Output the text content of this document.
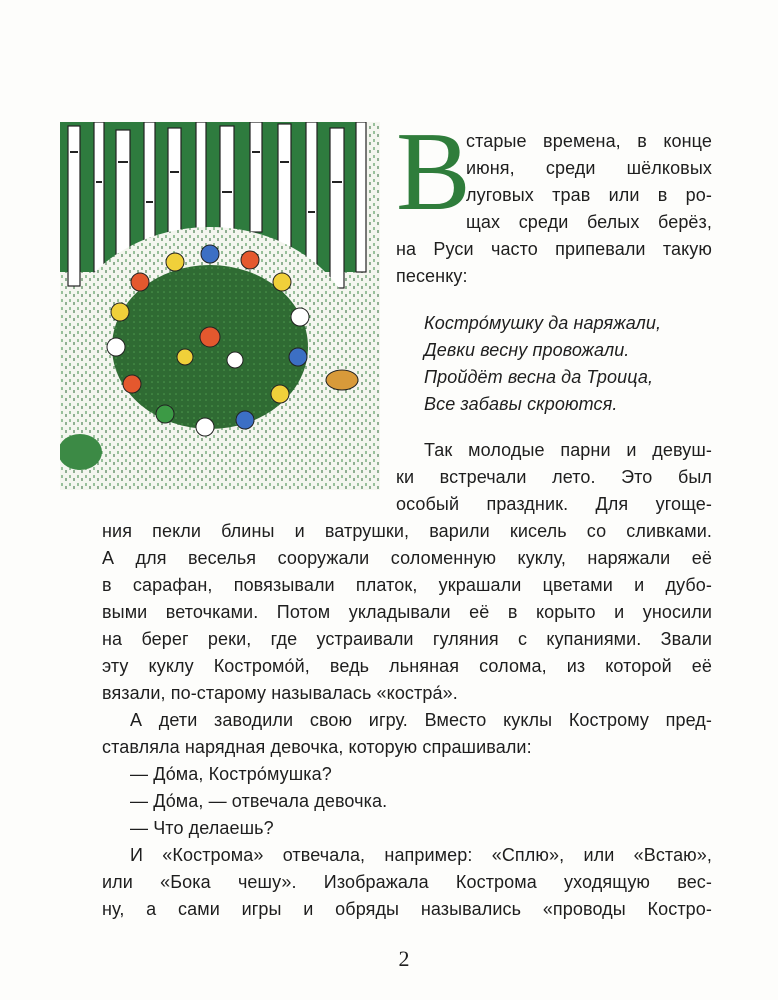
В
старые времена, в конце
июня, среди шёлковых
луговых трав или в ро-
щах среди белых берёз,
на Руси часто припевали такую
песенку:
Костро́мушку да наряжали,
Девки весну провожали.
Пройдёт весна да Троица,
Все забавы скроются.
Так молодые парни и девуш-
ки встречали лето. Это был
особый праздник. Для угоще-
ния пекли блины и ватрушки, варили кисель со сливками.
А для веселья сооружали соломенную куклу, наряжали её
в сарафан, повязывали платок, украшали цветами и дубо-
выми веточками. Потом укладывали её в корыто и уносили
на берег реки, где устраивали гуляния с купаниями. Звали
эту куклу Костромо́й, ведь льняная солома, из которой её
вязали, по-старому называлась «костра́».
А дети заводили свою игру. Вместо куклы Кострому пред-
ставляла нарядная девочка, которую спрашивали:
— До́ма, Костро́мушка?
— До́ма, — отвечала девочка.
— Что делаешь?
И «Кострома» отвечала, например: «Сплю», или «Встаю»,
или «Бока чешу». Изображала Кострома уходящую вес-
ну, а сами игры и обряды назывались «проводы Костро-
2
